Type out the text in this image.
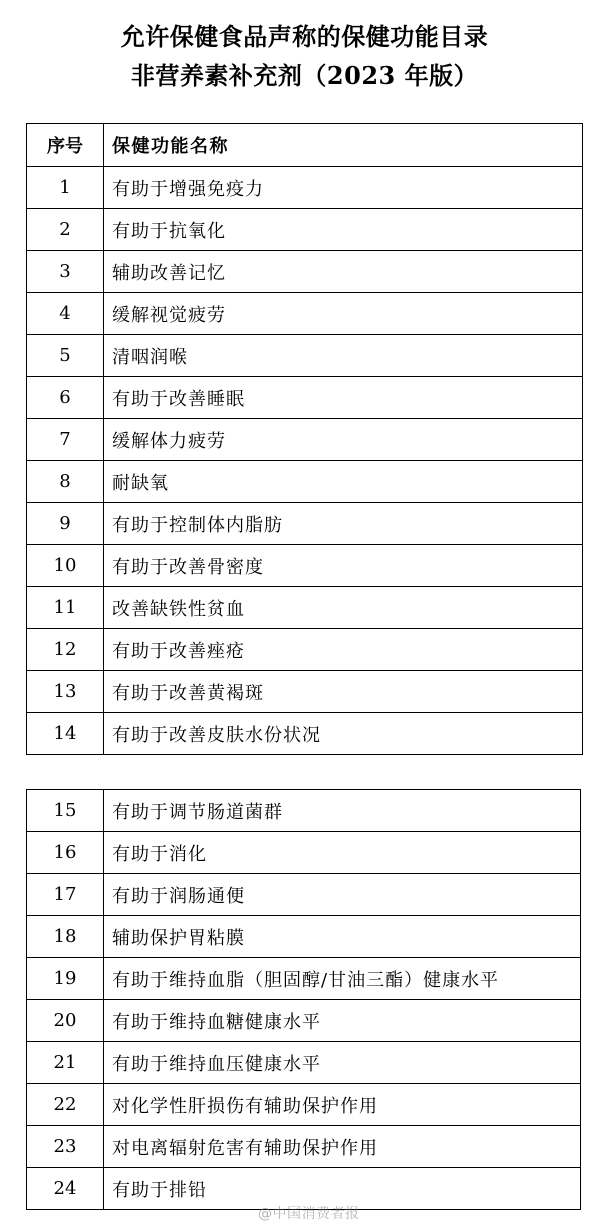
允许保健食品声称的保健功能目录
非营养素补充剂（2023 年版）
序号	保健功能名称
1	有助于增强免疫力
2	有助于抗氧化
3	辅助改善记忆
4	缓解视觉疲劳
5	清咽润喉
6	有助于改善睡眠
7	缓解体力疲劳
8	耐缺氧
9	有助于控制体内脂肪
10	有助于改善骨密度
11	改善缺铁性贫血
12	有助于改善痤疮
13	有助于改善黄褐斑
14	有助于改善皮肤水份状况
15	有助于调节肠道菌群
16	有助于消化
17	有助于润肠通便
18	辅助保护胃粘膜
19	有助于维持血脂（胆固醇/甘油三酯）健康水平
20	有助于维持血糖健康水平
21	有助于维持血压健康水平
22	对化学性肝损伤有辅助保护作用
23	对电离辐射危害有辅助保护作用
24	有助于排铅
@中国消费者报
